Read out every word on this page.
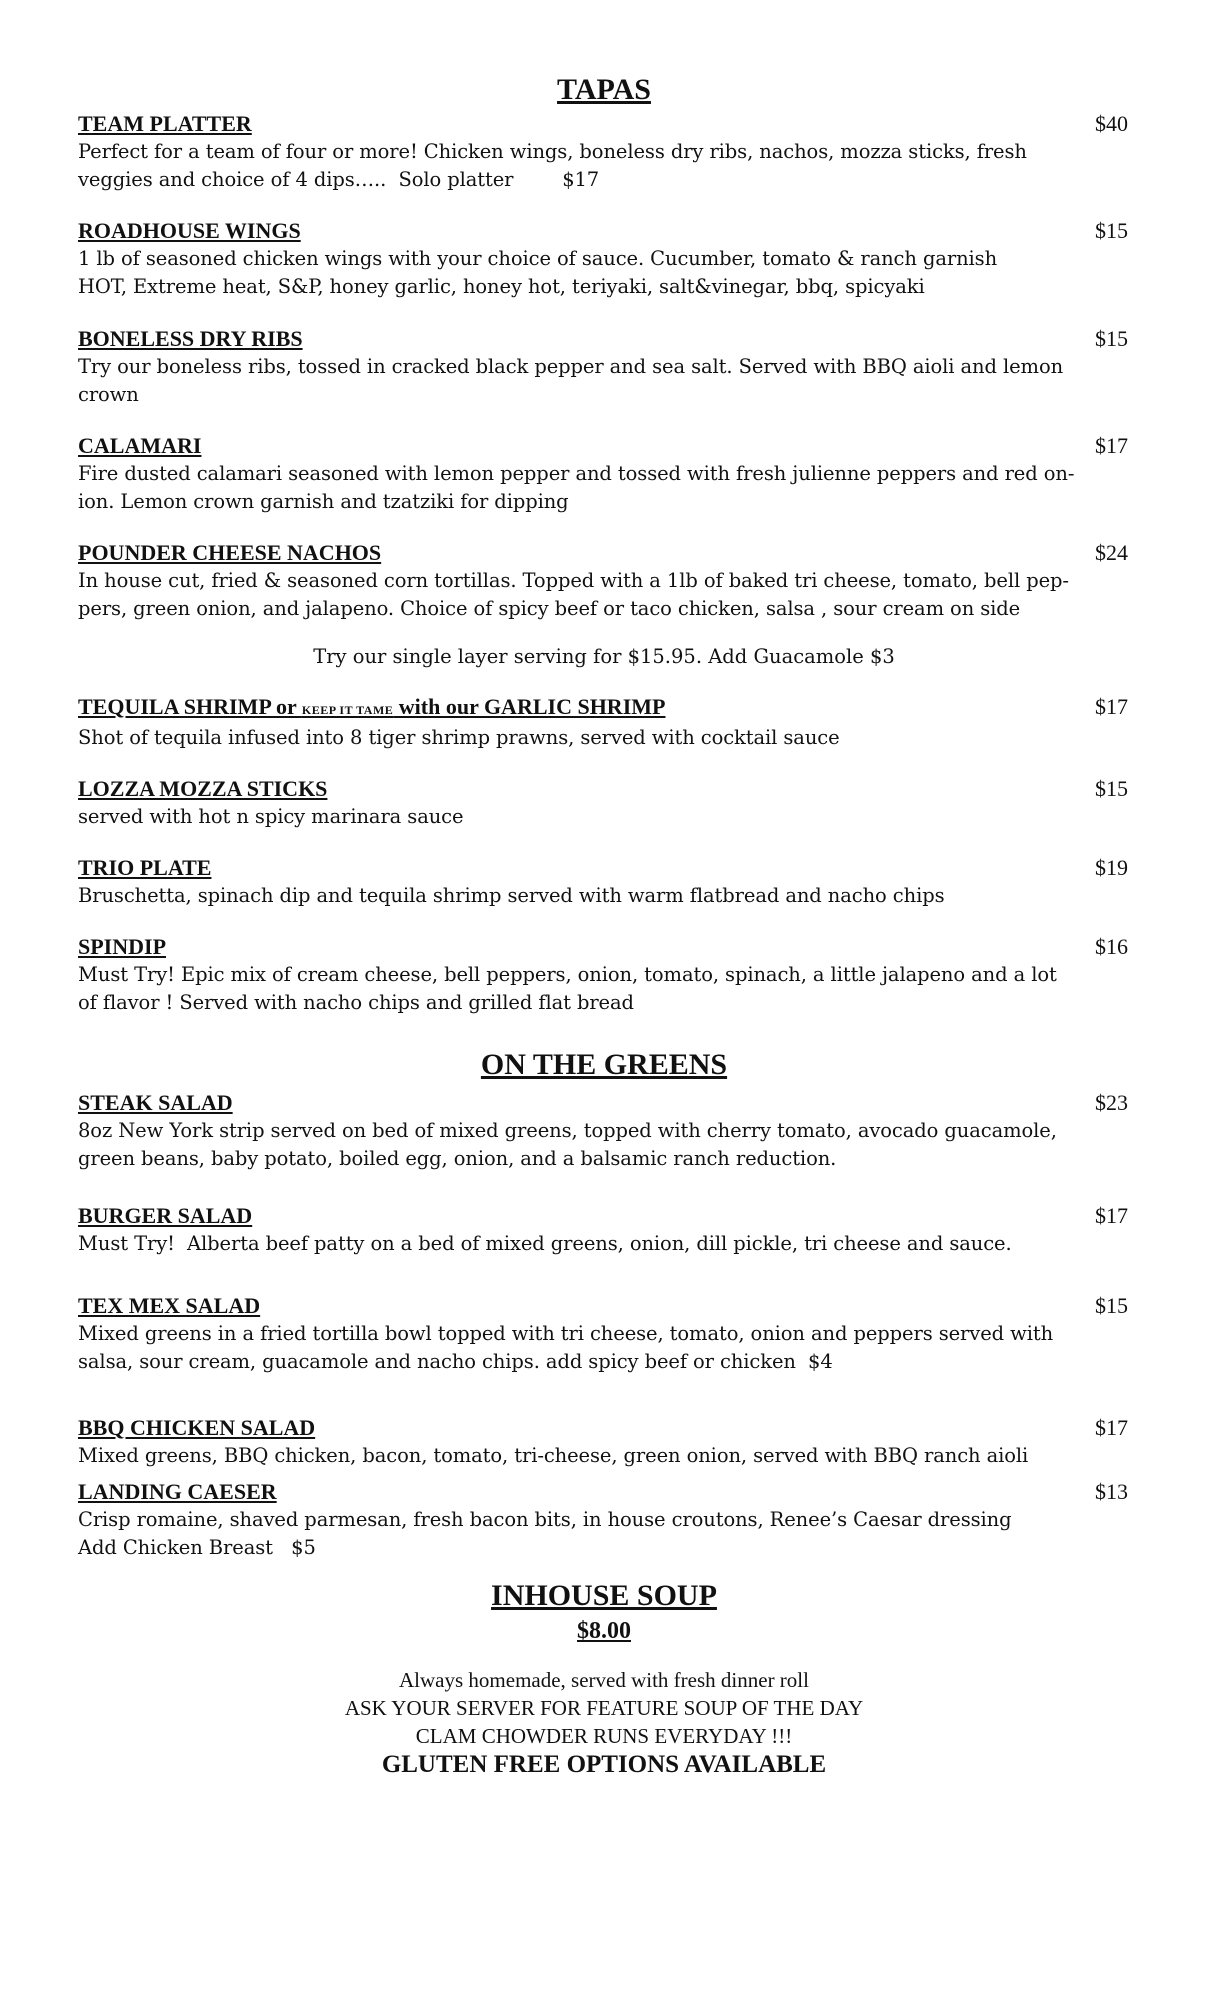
TAPAS
TEAM PLATTER	$40

Perfect for a team of four or more! Chicken wings, boneless dry ribs, nachos, mozza sticks, fresh
veggies and choice of 4 dips…..  Solo platter        $17

ROADHOUSE WINGS	$15

1 lb of seasoned chicken wings with your choice of sauce. Cucumber, tomato & ranch garnish
HOT, Extreme heat, S&P, honey garlic, honey hot, teriyaki, salt&vinegar, bbq, spicyaki

BONELESS DRY RIBS	$15

Try our boneless ribs, tossed in cracked black pepper and sea salt. Served with BBQ aioli and lemon
crown

CALAMARI	$17

Fire dusted calamari seasoned with lemon pepper and tossed with fresh julienne peppers and red on-
ion. Lemon crown garnish and tzatziki for dipping

POUNDER CHEESE NACHOS	$24

In house cut, fried & seasoned corn tortillas. Topped with a 1lb of baked tri cheese, tomato, bell pep-
pers, green onion, and jalapeno. Choice of spicy beef or taco chicken, salsa , sour cream on side

Try our single layer serving for $15.95. Add Guacamole $3
TEQUILA SHRIMP or KEEP IT TAME with our GARLIC SHRIMP	$17

Shot of tequila infused into 8 tiger shrimp prawns, served with cocktail sauce

LOZZA MOZZA STICKS	$15

served with hot n spicy marinara sauce

TRIO PLATE	$19

Bruschetta, spinach dip and tequila shrimp served with warm flatbread and nacho chips

SPINDIP	$16

Must Try! Epic mix of cream cheese, bell peppers, onion, tomato, spinach, a little jalapeno and a lot
of flavor ! Served with nacho chips and grilled flat bread

ON THE GREENS
STEAK SALAD	$23

8oz New York strip served on bed of mixed greens, topped with cherry tomato, avocado guacamole,
green beans, baby potato, boiled egg, onion, and a balsamic ranch reduction.

BURGER SALAD	$17

Must Try!  Alberta beef patty on a bed of mixed greens, onion, dill pickle, tri cheese and sauce.

TEX MEX SALAD	$15

Mixed greens in a fried tortilla bowl topped with tri cheese, tomato, onion and peppers served with
salsa, sour cream, guacamole and nacho chips. add spicy beef or chicken  $4

BBQ CHICKEN SALAD	$17

Mixed greens, BBQ chicken, bacon, tomato, tri-cheese, green onion, served with BBQ ranch aioli

LANDING CAESER	$13

Crisp romaine, shaved parmesan, fresh bacon bits, in house croutons, Renee’s Caesar dressing
Add Chicken Breast   $5

INHOUSE SOUP
$8.00
Always homemade, served with fresh dinner roll
ASK YOUR SERVER FOR FEATURE SOUP OF THE DAY
CLAM CHOWDER RUNS EVERYDAY !!!
GLUTEN FREE OPTIONS AVAILABLE
